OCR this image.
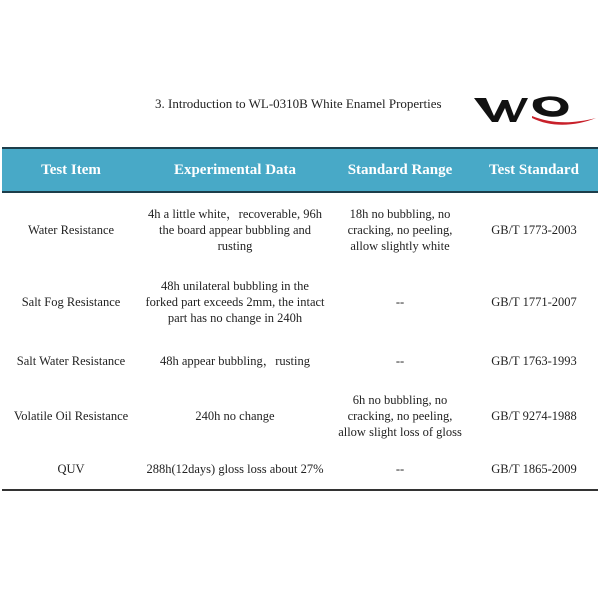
3. Introduction to WL-0310B White Enamel Properties
Test Item	Experimental Data	Standard Range	Test Standard
Water Resistance	4h a little white，recoverable, 96h the board appear bubbling and rusting	18h no bubbling, no cracking, no peeling, allow slightly white	GB/T 1773-2003
Salt Fog Resistance	48h unilateral bubbling in the forked part exceeds 2mm, the intact part has no change in 240h	--	GB/T 1771-2007
Salt Water Resistance	48h appear bubbling，rusting	--	GB/T 1763-1993
Volatile Oil Resistance	240h no change	6h no bubbling, no cracking, no peeling, allow slight loss of gloss	GB/T 9274-1988
QUV	288h(12days) gloss loss about 27%	--	GB/T 1865-2009
